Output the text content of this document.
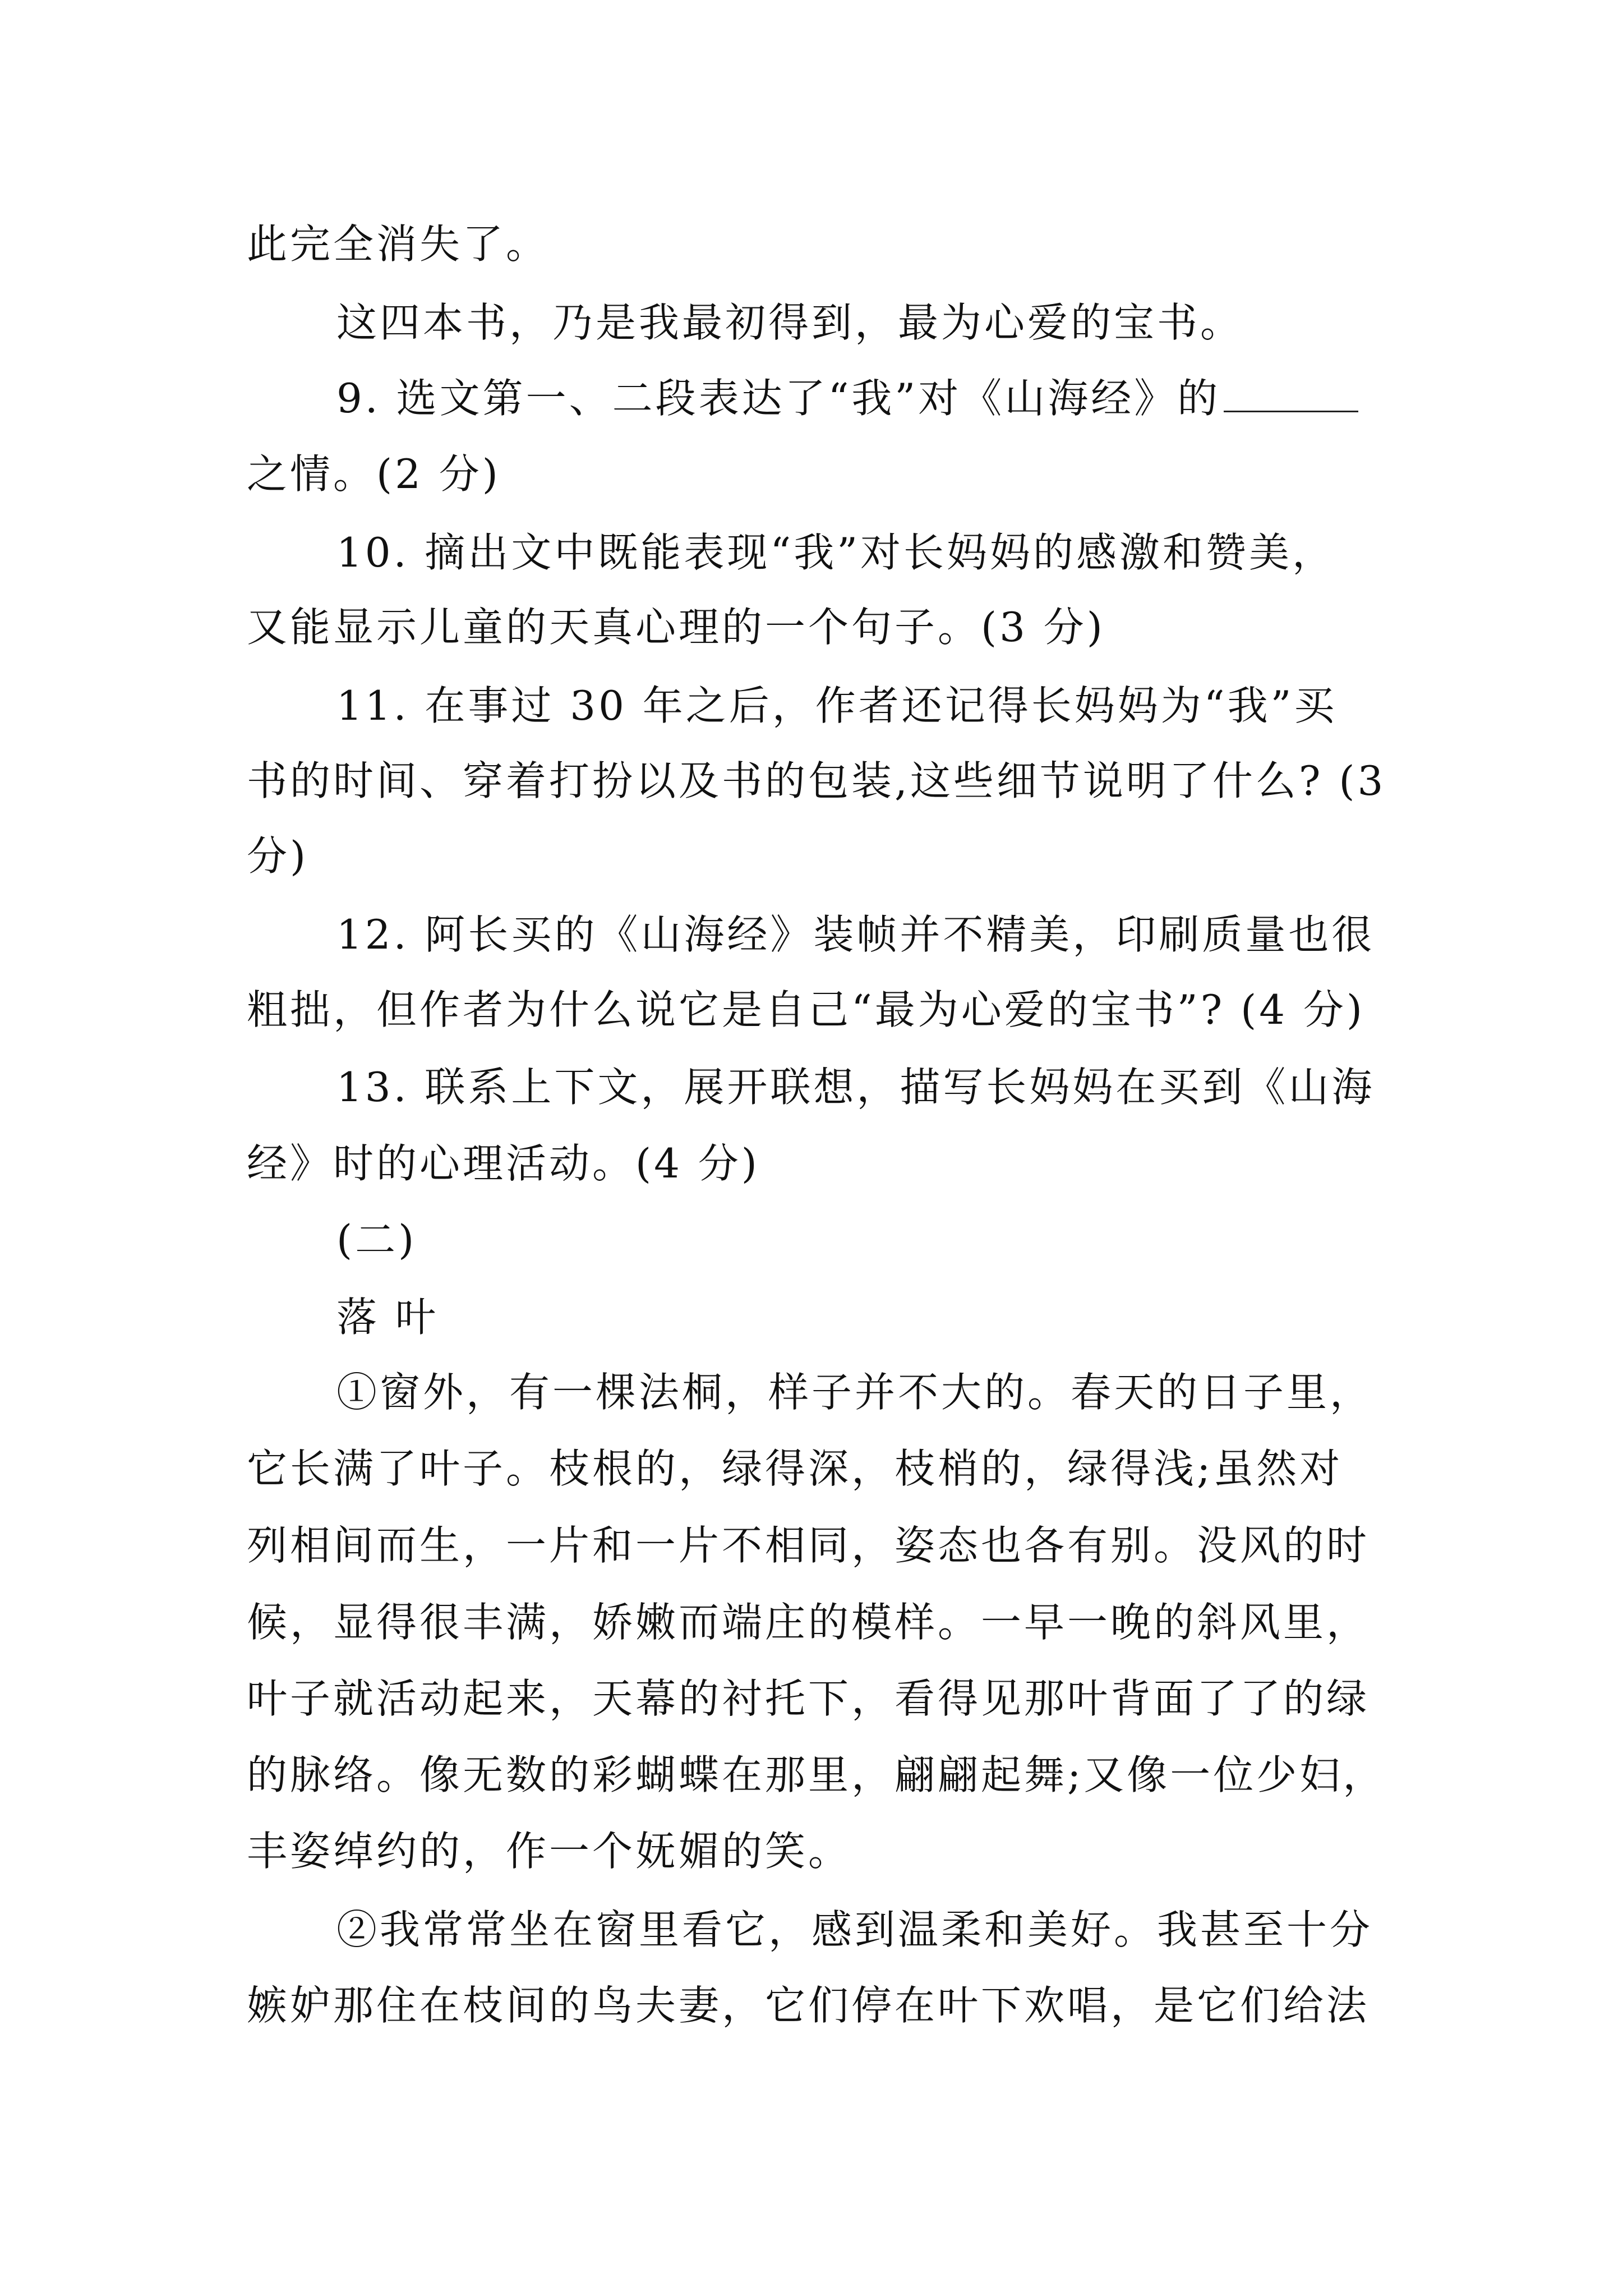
此完全消失了。
这四本书，乃是我最初得到，最为心爱的宝书。
9. 选文第一、二段表达了“我”对《山海经》的
之情。(2 分)
10. 摘出文中既能表现“我”对长妈妈的感激和赞美，
又能显示儿童的天真心理的一个句子。(3 分)
11. 在事过 30 年之后，作者还记得长妈妈为“我”买
书的时间、穿着打扮以及书的包装,这些细节说明了什么? (3
分)
12. 阿长买的《山海经》装帧并不精美，印刷质量也很
粗拙，但作者为什么说它是自己“最为心爱的宝书”? (4 分)
13. 联系上下文，展开联想，描写长妈妈在买到《山海
经》时的心理活动。(4 分)
(二)
落 叶
①窗外，有一棵法桐，样子并不大的。春天的日子里，
它长满了叶子。枝根的，绿得深，枝梢的，绿得浅;虽然对
列相间而生，一片和一片不相同，姿态也各有别。没风的时
候，显得很丰满，娇嫩而端庄的模样。一早一晚的斜风里，
叶子就活动起来，天幕的衬托下，看得见那叶背面了了的绿
的脉络。像无数的彩蝴蝶在那里，翩翩起舞;又像一位少妇，
丰姿绰约的，作一个妩媚的笑。
②我常常坐在窗里看它，感到温柔和美好。我甚至十分
嫉妒那住在枝间的鸟夫妻，它们停在叶下欢唱，是它们给法
